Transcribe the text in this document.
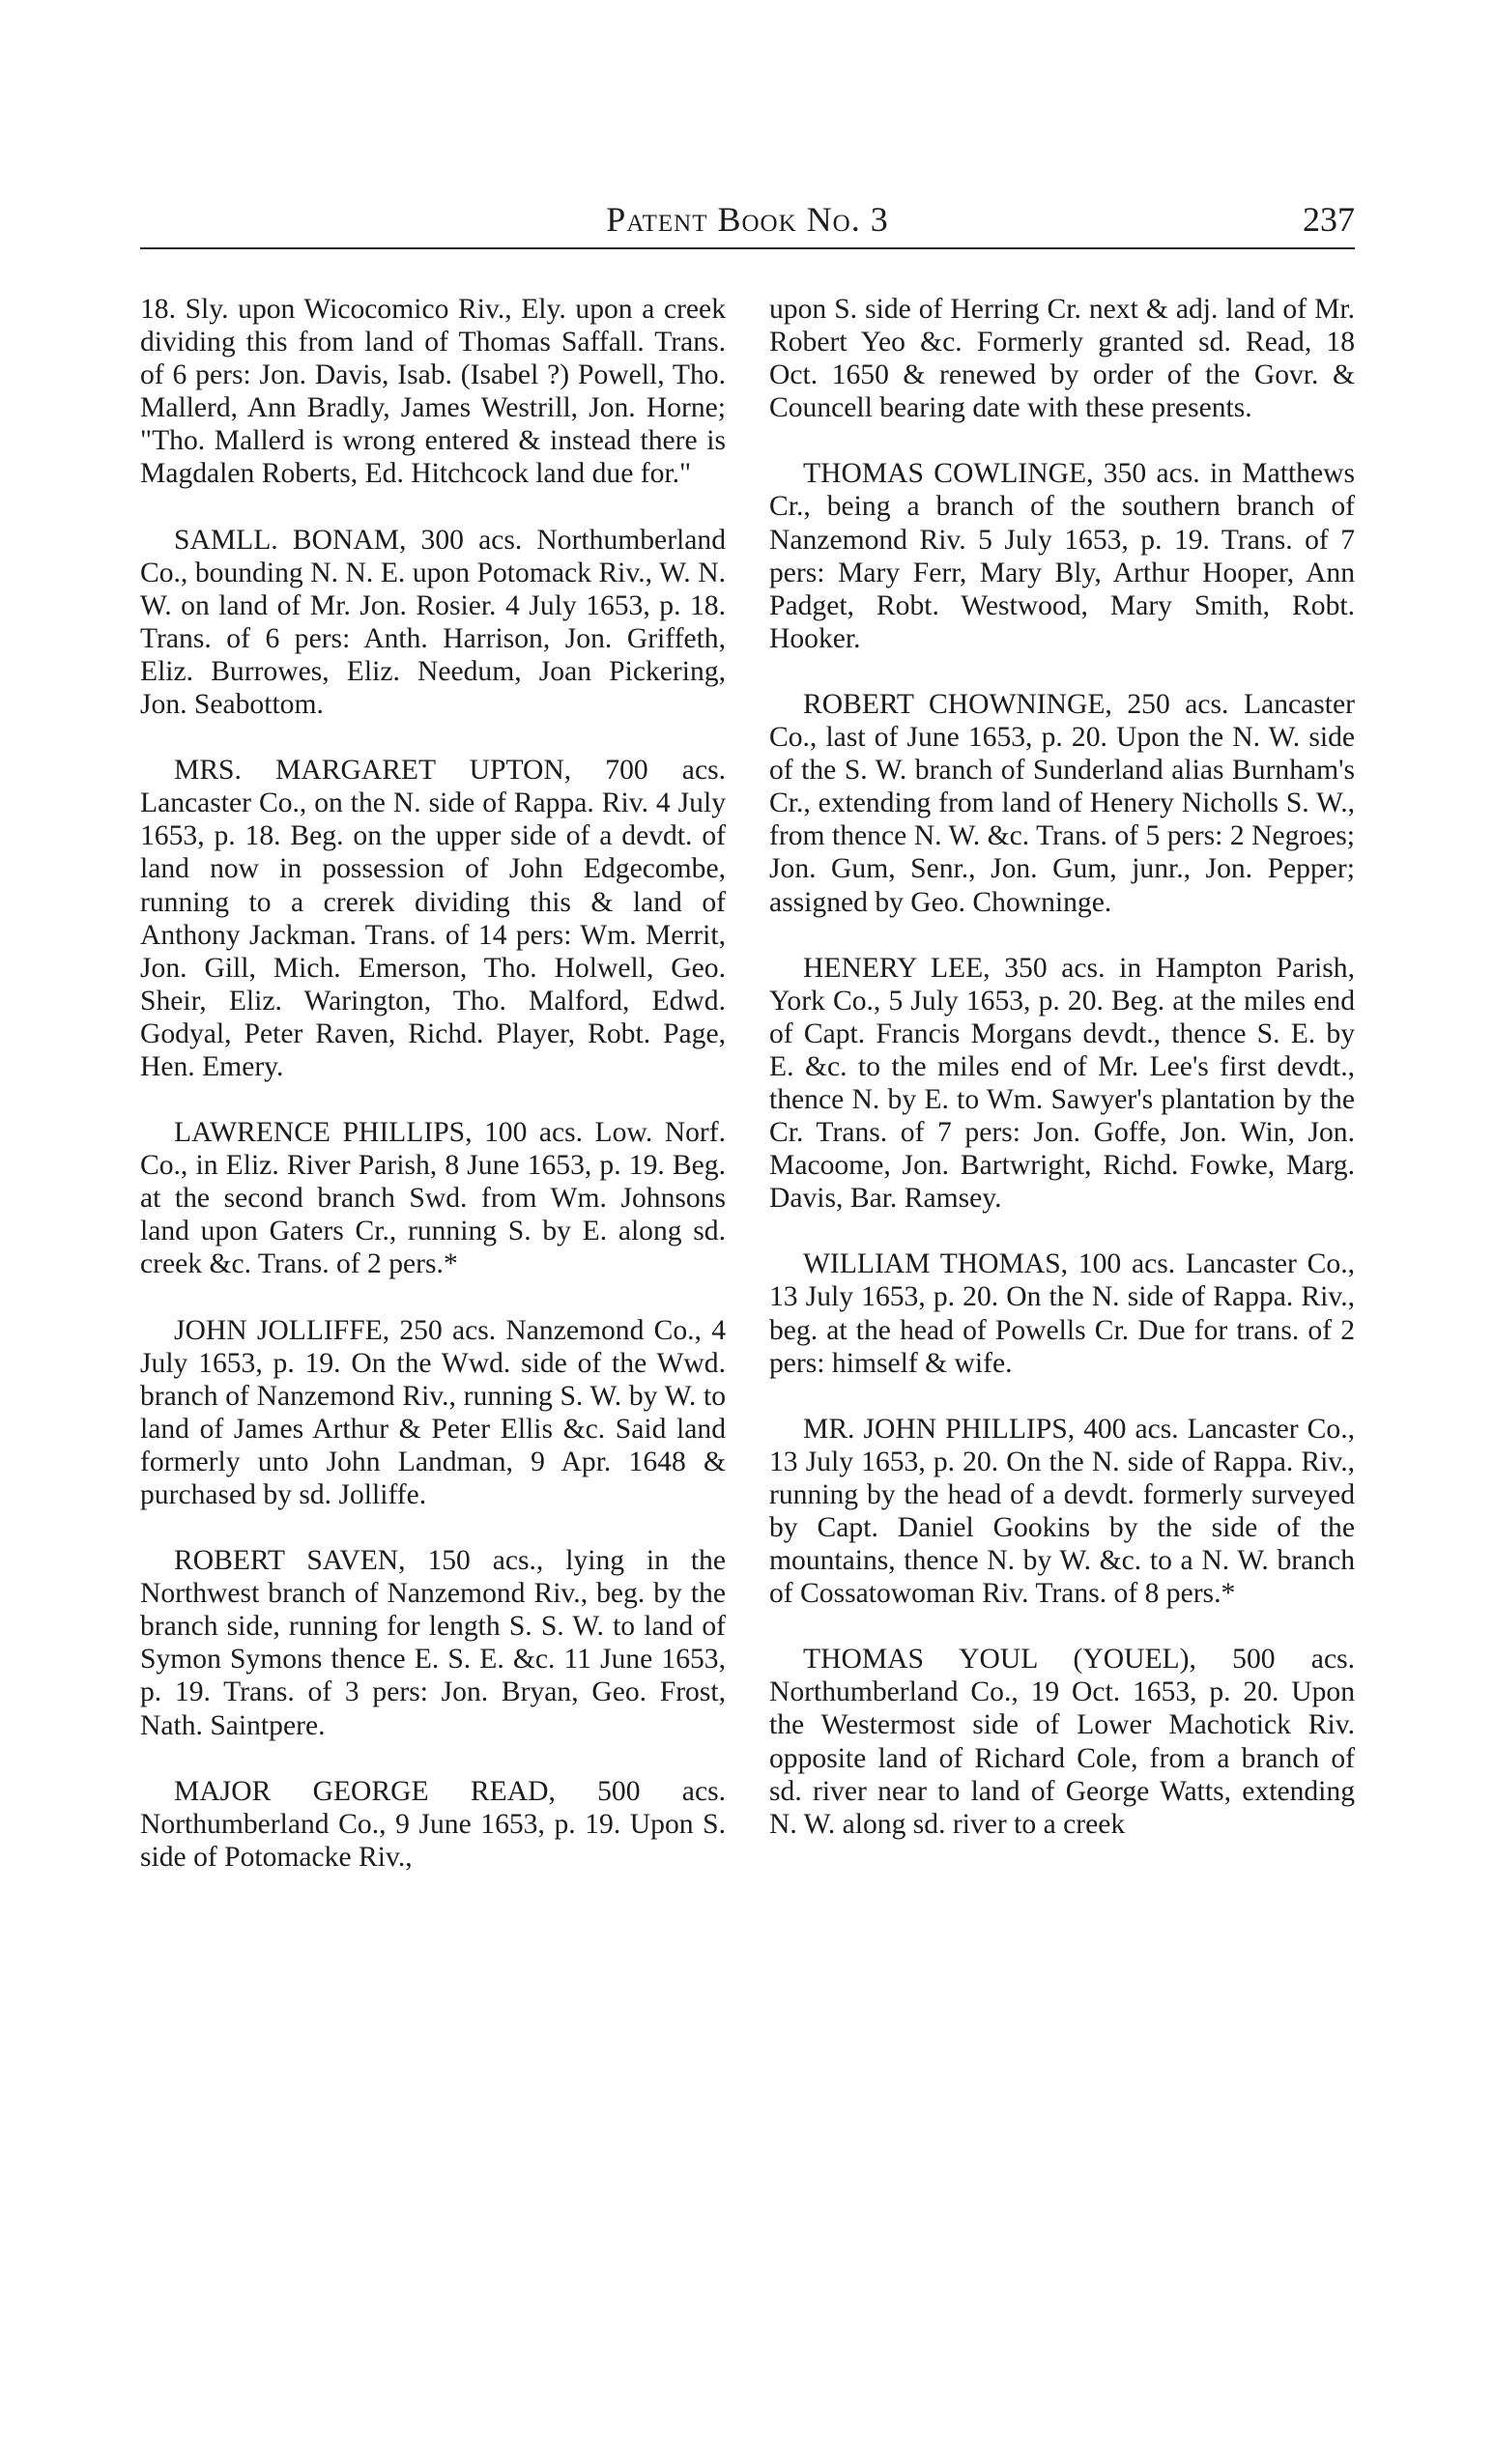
Patent Book No. 3	237

18. Sly. upon Wicocomico Riv., Ely. upon a creek dividing this from land of Thomas Saffall. Trans. of 6 pers: Jon. Davis, Isab. (Isabel ?) Powell, Tho. Mallerd, Ann Bradly, James Westrill, Jon. Horne; "Tho. Mallerd is wrong entered & instead there is Magdalen Roberts, Ed. Hitchcock land due for."

SAMLL. BONAM, 300 acs. Northumberland Co., bounding N. N. E. upon Potomack Riv., W. N. W. on land of Mr. Jon. Rosier. 4 July 1653, p. 18. Trans. of 6 pers: Anth. Harrison, Jon. Griffeth, Eliz. Burrowes, Eliz. Needum, Joan Pickering, Jon. Seabottom.

MRS. MARGARET UPTON, 700 acs. Lancaster Co., on the N. side of Rappa. Riv. 4 July 1653, p. 18. Beg. on the upper side of a devdt. of land now in possession of John Edgecombe, running to a crerek dividing this & land of Anthony Jackman. Trans. of 14 pers: Wm. Merrit, Jon. Gill, Mich. Emerson, Tho. Holwell, Geo. Sheir, Eliz. Warington, Tho. Malford, Edwd. Godyal, Peter Raven, Richd. Player, Robt. Page, Hen. Emery.

LAWRENCE PHILLIPS, 100 acs. Low. Norf. Co., in Eliz. River Parish, 8 June 1653, p. 19. Beg. at the second branch Swd. from Wm. Johnsons land upon Gaters Cr., running S. by E. along sd. creek &c. Trans. of 2 pers.*

JOHN JOLLIFFE, 250 acs. Nanzemond Co., 4 July 1653, p. 19. On the Wwd. side of the Wwd. branch of Nanzemond Riv., running S. W. by W. to land of James Arthur & Peter Ellis &c. Said land formerly unto John Landman, 9 Apr. 1648 & purchased by sd. Jolliffe.

ROBERT SAVEN, 150 acs., lying in the Northwest branch of Nanzemond Riv., beg. by the branch side, running for length S. S. W. to land of Symon Symons thence E. S. E. &c. 11 June 1653, p. 19. Trans. of 3 pers: Jon. Bryan, Geo. Frost, Nath. Saintpere.

MAJOR GEORGE READ, 500 acs. Northumberland Co., 9 June 1653, p. 19. Upon S. side of Potomacke Riv.,

upon S. side of Herring Cr. next & adj. land of Mr. Robert Yeo &c. Formerly granted sd. Read, 18 Oct. 1650 & renewed by order of the Govr. & Councell bearing date with these presents.

THOMAS COWLINGE, 350 acs. in Matthews Cr., being a branch of the southern branch of Nanzemond Riv. 5 July 1653, p. 19. Trans. of 7 pers: Mary Ferr, Mary Bly, Arthur Hooper, Ann Padget, Robt. Westwood, Mary Smith, Robt. Hooker.

ROBERT CHOWNINGE, 250 acs. Lancaster Co., last of June 1653, p. 20. Upon the N. W. side of the S. W. branch of Sunderland alias Burnham's Cr., extending from land of Henery Nicholls S. W., from thence N. W. &c. Trans. of 5 pers: 2 Negroes; Jon. Gum, Senr., Jon. Gum, junr., Jon. Pepper; assigned by Geo. Chowninge.

HENERY LEE, 350 acs. in Hampton Parish, York Co., 5 July 1653, p. 20. Beg. at the miles end of Capt. Francis Morgans devdt., thence S. E. by E. &c. to the miles end of Mr. Lee's first devdt., thence N. by E. to Wm. Sawyer's plantation by the Cr. Trans. of 7 pers: Jon. Goffe, Jon. Win, Jon. Macoome, Jon. Bartwright, Richd. Fowke, Marg. Davis, Bar. Ramsey.

WILLIAM THOMAS, 100 acs. Lancaster Co., 13 July 1653, p. 20. On the N. side of Rappa. Riv., beg. at the head of Powells Cr. Due for trans. of 2 pers: himself & wife.

MR. JOHN PHILLIPS, 400 acs. Lancaster Co., 13 July 1653, p. 20. On the N. side of Rappa. Riv., running by the head of a devdt. formerly surveyed by Capt. Daniel Gookins by the side of the mountains, thence N. by W. &c. to a N. W. branch of Cossatowoman Riv. Trans. of 8 pers.*

THOMAS YOUL (YOUEL), 500 acs. Northumberland Co., 19 Oct. 1653, p. 20. Upon the Westermost side of Lower Machotick Riv. opposite land of Richard Cole, from a branch of sd. river near to land of George Watts, extending N. W. along sd. river to a creek
